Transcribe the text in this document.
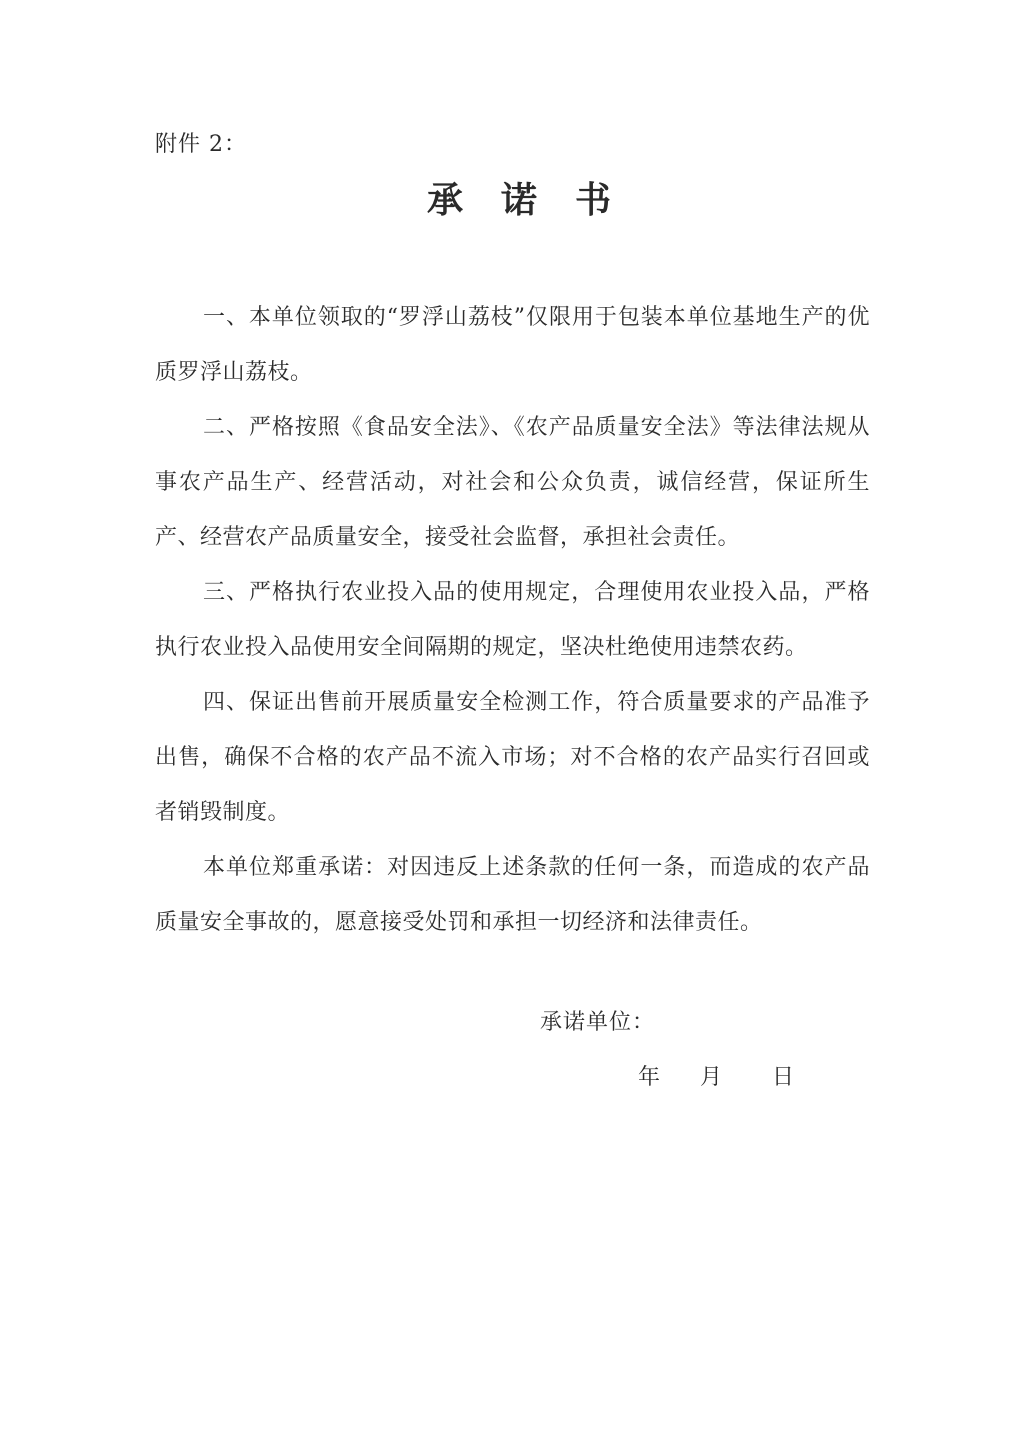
附件 2：
承诺书

一、本单位领取的“罗浮山荔枝”仅限用于包装本单位基地生产的优质罗浮山荔枝。

二、严格按照《食品安全法》、《农产品质量安全法》等法律法规从事农产品生产、经营活动，对社会和公众负责，诚信经营，保证所生产、经营农产品质量安全，接受社会监督，承担社会责任。

三、严格执行农业投入品的使用规定，合理使用农业投入品，严格执行农业投入品使用安全间隔期的规定，坚决杜绝使用违禁农药。

四、保证出售前开展质量安全检测工作，符合质量要求的产品准予出售，确保不合格的农产品不流入市场；对不合格的农产品实行召回或者销毁制度。

本单位郑重承诺：对因违反上述条款的任何一条，而造成的农产品质量安全事故的，愿意接受处罚和承担一切经济和法律责任。

承诺单位：
年	月	日
